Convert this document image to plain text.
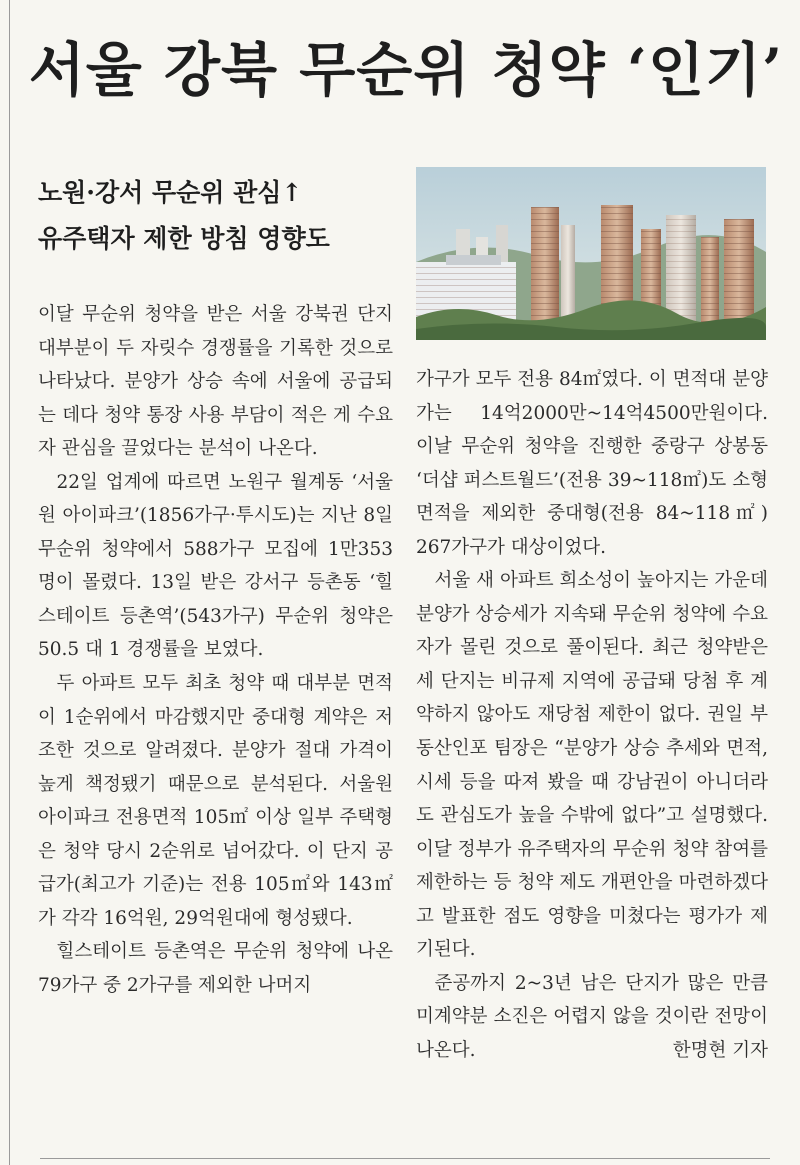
서울 강북 무순위 청약 ‘인기’
노원·강서 무순위 관심↑
유주택자 제한 방침 영향도

이달 무순위 청약을 받은 서울 강북권 단지 대부분이 두 자릿수 경쟁률을 기록한 것으로 나타났다. 분양가 상승 속에 서울에 공급되는 데다 청약 통장 사용 부담이 적은 게 수요자 관심을 끌었다는 분석이 나온다.

22일 업계에 따르면 노원구 월계동 ‘서울원 아이파크’(1856가구·투시도)는 지난 8일 무순위 청약에서 588가구 모집에 1만353명이 몰렸다. 13일 받은 강서구 등촌동 ‘힐스테이트 등촌역’(543가구) 무순위 청약은 50.5 대 1 경쟁률을 보였다.

두 아파트 모두 최초 청약 때 대부분 면적이 1순위에서 마감했지만 중대형 계약은 저조한 것으로 알려졌다. 분양가 절대 가격이 높게 책정됐기 때문으로 분석된다. 서울원 아이파크 전용면적 105㎡ 이상 일부 주택형은 청약 당시 2순위로 넘어갔다. 이 단지 공급가(최고가 기준)는 전용 105㎡와 143㎡가 각각 16억원, 29억원대에 형성됐다.

힐스테이트 등촌역은 무순위 청약에 나온 79가구 중 2가구를 제외한 나머지

가구가 모두 전용 84㎡였다. 이 면적대 분양가는 14억2000만~14억4500만원이다. 이날 무순위 청약을 진행한 중랑구 상봉동 ‘더샵 퍼스트월드’(전용 39~118㎡)도 소형 면적을 제외한 중대형(전용 84~118㎡) 267가구가 대상이었다.

서울 새 아파트 희소성이 높아지는 가운데 분양가 상승세가 지속돼 무순위 청약에 수요자가 몰린 것으로 풀이된다. 최근 청약받은 세 단지는 비규제 지역에 공급돼 당첨 후 계약하지 않아도 재당첨 제한이 없다. 권일 부동산인포 팀장은 “분양가 상승 추세와 면적, 시세 등을 따져 봤을 때 강남권이 아니더라도 관심도가 높을 수밖에 없다”고 설명했다. 이달 정부가 유주택자의 무순위 청약 참여를 제한하는 등 청약 제도 개편안을 마련하겠다고 발표한 점도 영향을 미쳤다는 평가가 제기된다.

준공까지 2~3년 남은 단지가 많은 만큼 미계약분 소진은 어렵지 않을 것이란 전망이 나온다.	한명현 기자
